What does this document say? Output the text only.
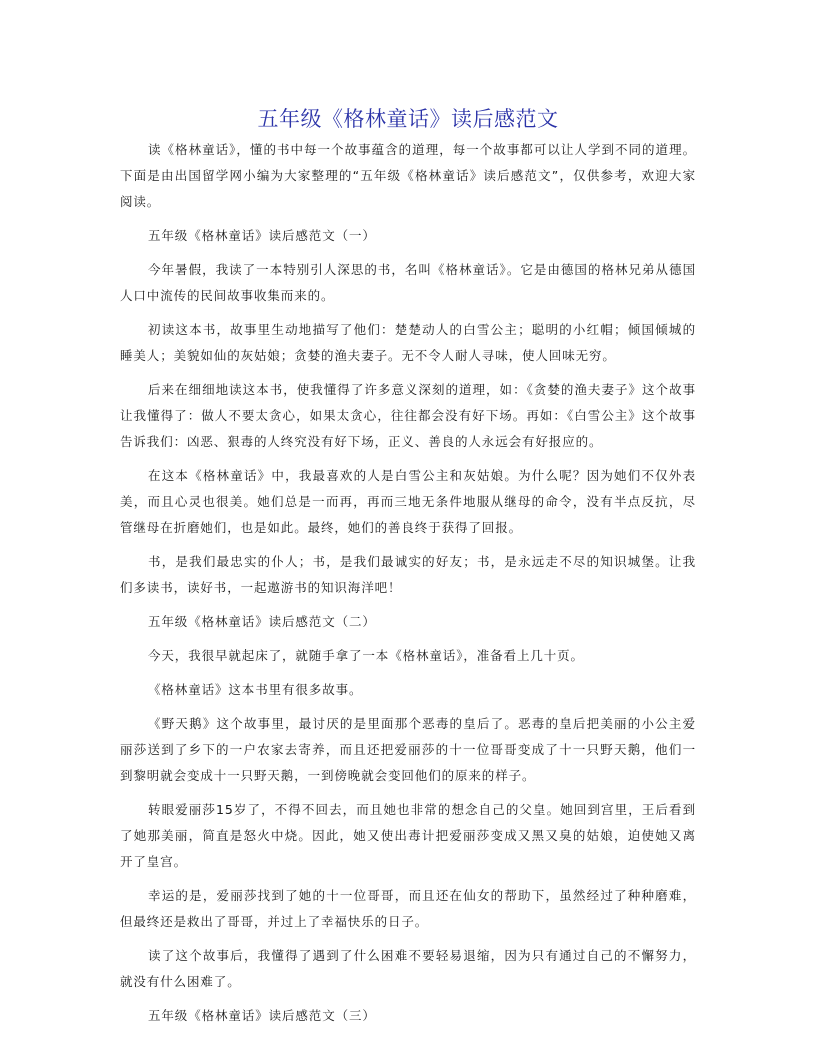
五年级《格林童话》读后感范文

读《格林童话》，懂的书中每一个故事蕴含的道理，每一个故事都可以让人学到不同的道理。下面是由出国留学网小编为大家整理的“五年级《格林童话》读后感范文”，仅供参考，欢迎大家阅读。

五年级《格林童话》读后感范文（一）

今年暑假，我读了一本特别引人深思的书，名叫《格林童话》。它是由德国的格林兄弟从德国人口中流传的民间故事收集而来的。

初读这本书，故事里生动地描写了他们：楚楚动人的白雪公主；聪明的小红帽；倾国倾城的睡美人；美貌如仙的灰姑娘；贪婪的渔夫妻子。无不令人耐人寻味，使人回味无穷。

后来在细细地读这本书，使我懂得了许多意义深刻的道理，如：《贪婪的渔夫妻子》这个故事让我懂得了：做人不要太贪心，如果太贪心，往往都会没有好下场。再如：《白雪公主》这个故事告诉我们：凶恶、狠毒的人终究没有好下场，正义、善良的人永远会有好报应的。

在这本《格林童话》中，我最喜欢的人是白雪公主和灰姑娘。为什么呢？因为她们不仅外表美，而且心灵也很美。她们总是一而再，再而三地无条件地服从继母的命令，没有半点反抗，尽管继母在折磨她们，也是如此。最终，她们的善良终于获得了回报。

书，是我们最忠实的仆人；书，是我们最诚实的好友；书，是永远走不尽的知识城堡。让我们多读书，读好书，一起遨游书的知识海洋吧！

五年级《格林童话》读后感范文（二）

今天，我很早就起床了，就随手拿了一本《格林童话》，准备看上几十页。

《格林童话》这本书里有很多故事。

《野天鹅》这个故事里，最讨厌的是里面那个恶毒的皇后了。恶毒的皇后把美丽的小公主爱丽莎送到了乡下的一户农家去寄养，而且还把爱丽莎的十一位哥哥变成了十一只野天鹅，他们一到黎明就会变成十一只野天鹅，一到傍晚就会变回他们的原来的样子。

转眼爱丽莎15岁了，不得不回去，而且她也非常的想念自己的父皇。她回到宫里，王后看到了她那美丽，简直是怒火中烧。因此，她又使出毒计把爱丽莎变成又黑又臭的姑娘，迫使她又离开了皇宫。

幸运的是，爱丽莎找到了她的十一位哥哥，而且还在仙女的帮助下，虽然经过了种种磨难，但最终还是救出了哥哥，并过上了幸福快乐的日子。

读了这个故事后，我懂得了遇到了什么困难不要轻易退缩，因为只有通过自己的不懈努力，就没有什么困难了。

五年级《格林童话》读后感范文（三）
